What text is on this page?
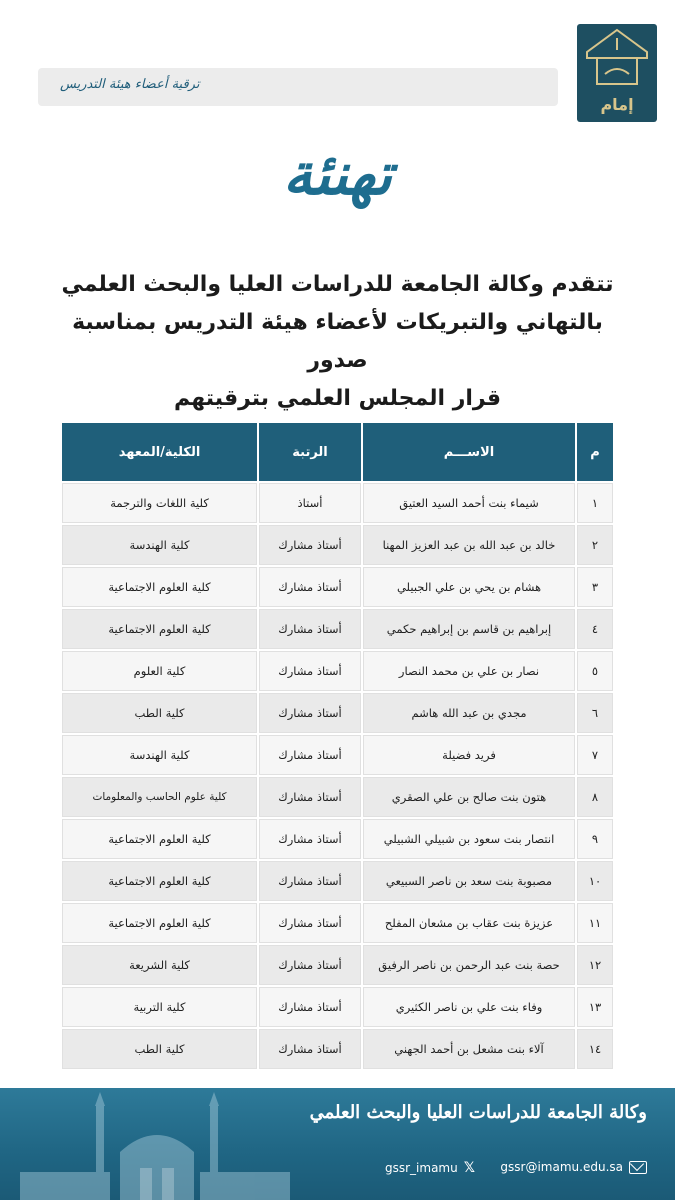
إمام
ترقية أعضاء هيئة التدريس
تهنئة
تتقدم وكالة الجامعة للدراسات العليا والبحث العلمي
بالتهاني والتبريكات لأعضاء هيئة التدريس بمناسبة صدور
قرار المجلس العلمي بترقيتهم
م	الاســـم	الرتبة	الكلية/المعهد
١	شيماء بنت أحمد السيد العتيق	أستاذ	كلية اللغات والترجمة
٢	خالد بن عبد الله بن عبد العزيز المهنا	أستاذ مشارك	كلية الهندسة
٣	هشام بن يحي بن علي الجبيلي	أستاذ مشارك	كلية العلوم الاجتماعية
٤	إبراهيم بن قاسم بن إبراهيم حكمي	أستاذ مشارك	كلية العلوم الاجتماعية
٥	نصار بن علي بن محمد النصار	أستاذ مشارك	كلية العلوم
٦	مجدي بن عبد الله هاشم	أستاذ مشارك	كلية الطب
٧	فريد فضيلة	أستاذ مشارك	كلية الهندسة
٨	هتون بنت صالح بن علي الصقري	أستاذ مشارك	كلية علوم الحاسب والمعلومات
٩	انتصار بنت سعود بن شبيلي الشبيلي	أستاذ مشارك	كلية العلوم الاجتماعية
١٠	مصبوبة بنت سعد بن ناصر السبيعي	أستاذ مشارك	كلية العلوم الاجتماعية
١١	عزيزة بنت عقاب بن مشعان المفلح	أستاذ مشارك	كلية العلوم الاجتماعية
١٢	حصة بنت عبد الرحمن بن ناصر الرفيق	أستاذ مشارك	كلية الشريعة
١٣	وفاء بنت علي بن ناصر الكثيري	أستاذ مشارك	كلية التربية
١٤	آلاء بنت مشعل بن أحمد الجهني	أستاذ مشارك	كلية الطب
وكالة الجامعة للدراسات العليا والبحث العلمي
gssr@imamu.edu.sa
gssr_imamu 𝕏
